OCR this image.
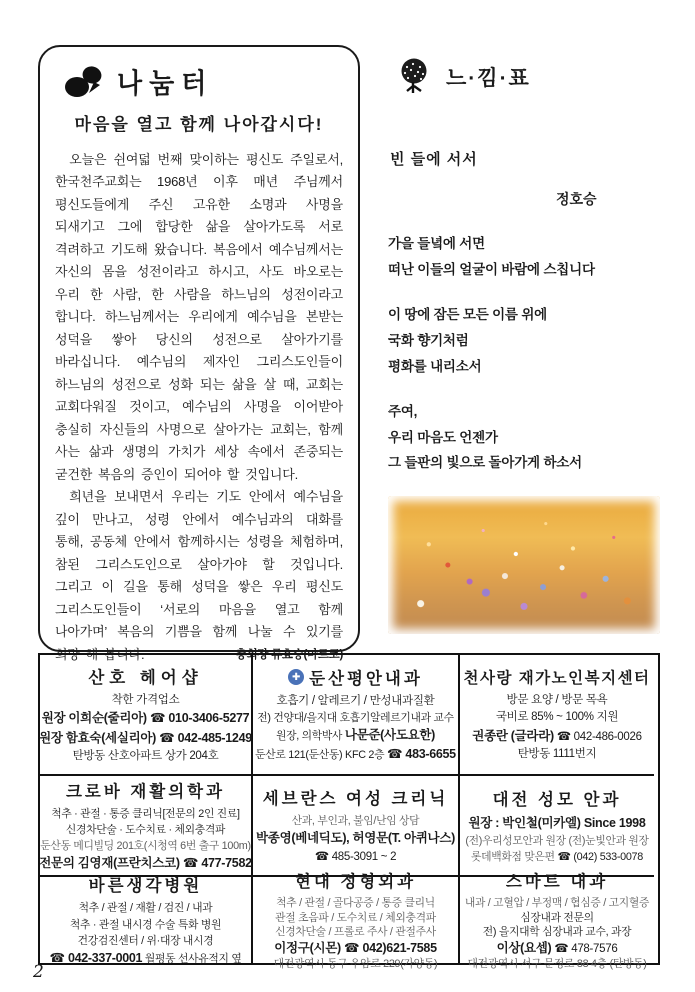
나눔터
마음을 열고 함께 나아갑시다!

오늘은 쉰여덟 번째 맞이하는 평신도 주일로서, 한국천주교회는 1968년 이후 매년 주님께서 평신도들에게 주신 고유한 소명과 사명을 되새기고 그에 합당한 삶을 살아가도록 서로 격려하고 기도해 왔습니다. 복음에서 예수님께서는 자신의 몸을 성전이라고 하시고, 사도 바오로는 우리 한 사람, 한 사람을 하느님의 성전이라고 합니다. 하느님께서는 우리에게 예수님을 본받는 성덕을 쌓아 당신의 성전으로 살아가기를 바라십니다. 예수님의 제자인 그리스도인들이 하느님의 성전으로 성화 되는 삶을 살 때, 교회는 교회다워질 것이고, 예수님의 사명을 이어받아 충실히 자신들의 사명으로 살아가는 교회는, 함께 사는 삶과 생명의 가치가 세상 속에서 존중되는 굳건한 복음의 증인이 되어야 할 것입니다.

희년을 보내면서 우리는 기도 안에서 예수님을 깊이 만나고, 성령 안에서 예수님과의 대화를 통해, 공동체 안에서 함께하시는 성령을 체험하며, 참된 그리스도인으로 살아가야 할 것입니다. 그리고 이 길을 통해 성덕을 쌓은 우리 평신도 그리스도인들이 ‘서로의 마음을 열고 함께 나아가며’ 복음의 기쁨을 함께 나눌 수 있기를 희망 해 봅니다.	총회장 류효승(마르코)
느·낌·표
빈 들에 서서
정호승
가을 들녘에 서면
떠난 이들의 얼굴이 바람에 스칩니다
이 땅에 잠든 모든 이름 위에
국화 향기처럼
평화를 내리소서
주여,
우리 마음도 언젠가
그 들판의 빛으로 돌아가게 하소서
산호 헤어샵
착한 가격업소
원장 이희순(줄리아) ☎ 010-3406-5277
원장 함효숙(세실리아) ☎ 042-485-1249
탄방동 산호아파트 상가 204호
✚ 둔산평안내과
호흡기 / 알레르기 / 만성내과질환
전) 건양대/을지대 호흡기알레르기내과 교수
원장, 의학박사 나문준(사도요한)
둔산로 121(둔산동) KFC 2층 ☎ 483-6655
천사랑 재가노인복지센터
방문 요양 / 방문 목욕
국비로 85% ~ 100% 지원
권종란 (글라라) ☎ 042-486-0026
탄방동 1111번지
크로바 재활의학과
척추 · 관절 · 통증 클리닉[전문의 2인 진료]
신경차단술 · 도수치료 · 체외충격파
둔산동 메디빌딩 201호(시청역 6번 출구 100m)
전문의 김영재(프란치스코) ☎ 477-7582
세브란스 여성 크리닉
산과, 부인과, 불임/난임 상담
박종영(베네딕도), 허영문(T. 아퀴나스)
☎ 485-3091 ~ 2
대전 성모 안과
원장 : 박인철(미카엘) Since 1998
(전)우리성모안과 원장 (전)눈빛안과 원장
롯데백화점 맞은편 ☎ (042) 533-0078
바른생각병원
척추 / 관절 / 재활 / 검진 / 내과
척추 · 관절 내시경 수술 특화 병원
건강검진센터 / 위·대장 내시경
☎ 042-337-0001 월평동 선사유적지 옆
현대 정형외과
척추 / 관절 / 골다공증 / 통증 클리닉
관절 초음파 / 도수치료 / 체외충격파
신경차단술 / 프롤로 주사 / 관절주사
이정구(시몬) ☎ 042)621-7585
대전광역시 동구 우암로 229(가양동)
스마트 내과
내과 / 고혈압 / 부정맥 / 협심증 / 고지혈증
심장내과 전문의
전) 을지대학 심장내과 교수, 과장
이상(요셉) ☎ 478-7576
대전광역시 서구 문정로 88 4층 (탄방동)
2
